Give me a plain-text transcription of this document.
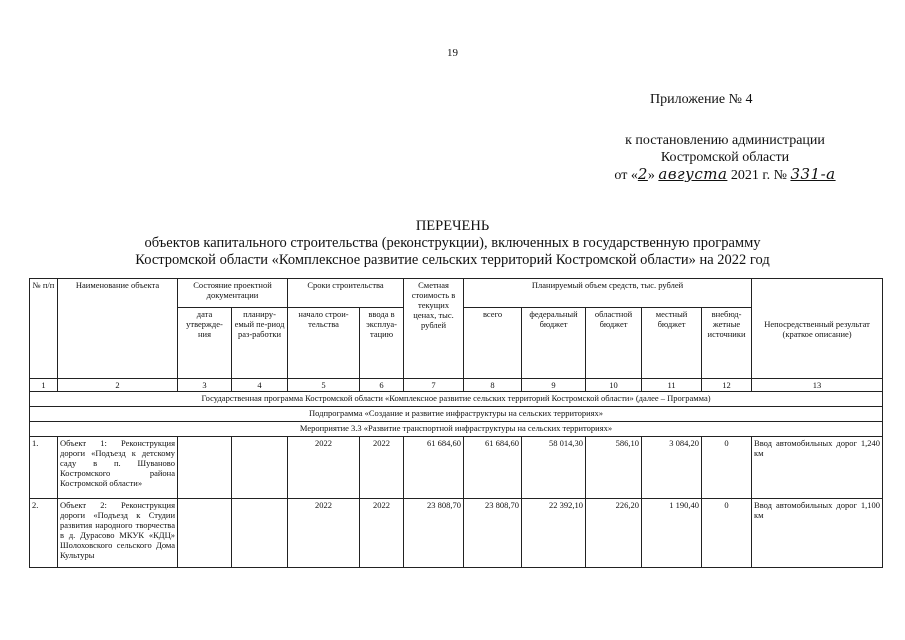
19
Приложение № 4
к постановлению администрации
Костромской области
от «2» августа 2021 г. № 331-а
ПЕРЕЧЕНЬ
объектов капитального строительства (реконструкции), включенных в государственную программу
Костромской области «Комплексное развитие сельских территорий Костромской области» на 2022 год
№ п/п	Наименование объекта	Состояние проектной документации		Сроки строительства		Сметная стоимость в текущих ценах, тыс. рублей	Планируемый объем средств, тыс. рублей					Непосредственный результат (краткое описание)
		дата утвержде-ния	планиру-емый пе-риод раз-работки	начало строи-тельства	ввода в эксплуа-тацию		всего	федеральный бюджет	областной бюджет	местный бюджет	внебюд-жетные источники	
1	2	3	4	5	6	7	8	9	10	11	12	13
Государственная программа Костромской области «Комплексное развитие сельских территорий Костромской области» (далее – Программа)												
Подпрограмма «Создание и развитие инфраструктуры на сельских территориях»												
Мероприятие 3.3 «Развитие транспортной инфраструктуры на сельских территориях»												
1.	Объект 1: Реконструкция дороги «Подъезд к детскому саду в п. Шуваново Костромского района Костромской области»			2022	2022	61 684,60	61 684,60	58 014,30	586,10	3 084,20	0	Ввод автомобильных дорог 1,240 км
2.	Объект 2: Реконструкция дороги «Подъезд к Студии развития народного творчества в д. Дурасово МКУК «КДЦ» Шолоховского сельского Дома Культуры			2022	2022	23 808,70	23 808,70	22 392,10	226,20	1 190,40	0	Ввод автомобильных дорог 1,100 км
